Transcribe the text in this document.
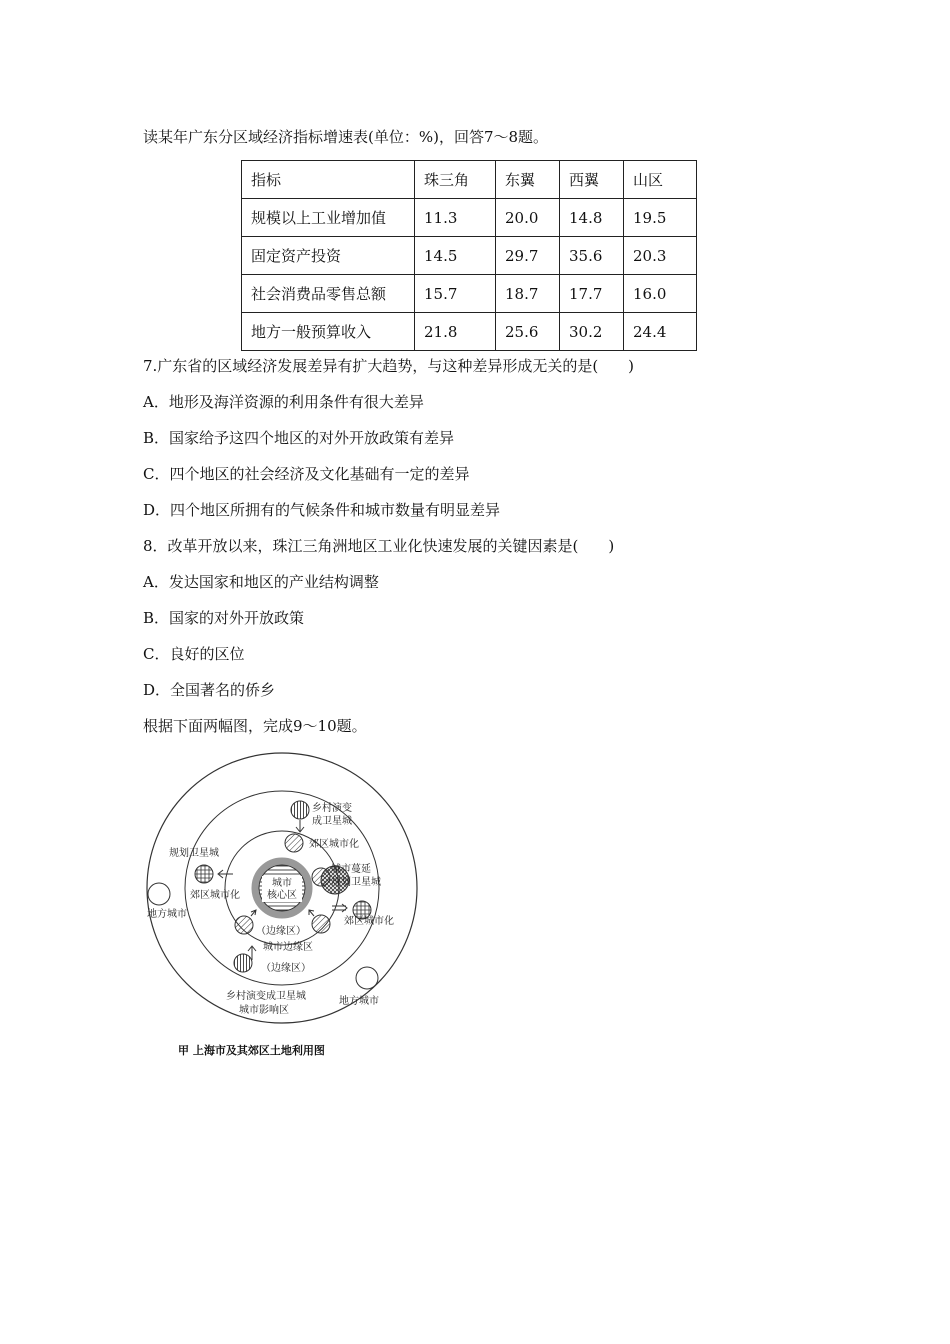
读某年广东分区域经济指标增速表(单位：%)，回答7～8题。
指标	珠三角	东翼	西翼	山区
规模以上工业增加值	11.3	20.0	14.8	19.5
固定资产投资	14.5	29.7	35.6	20.3
社会消费品零售总额	15.7	18.7	17.7	16.0
地方一般预算收入	21.8	25.6	30.2	24.4
7.广东省的区域经济发展差异有扩大趋势，与这种差异形成无关的是(　　)
A．地形及海洋资源的利用条件有很大差异
B．国家给予这四个地区的对外开放政策有差异
C．四个地区的社会经济及文化基础有一定的差异
D．四个地区所拥有的气候条件和城市数量有明显差异
8．改革开放以来，珠江三角洲地区工业化快速发展的关键因素是(　　)
A．发达国家和地区的产业结构调整
B．国家的对外开放政策
C．良好的区位
D．全国著名的侨乡
根据下面两幅图，完成9～10题。
城市
核心区
乡村演变
成卫星城
郊区城市化
城市蔓延
规划卫星城
规划卫星城
郊区城市化
郊区城市化
地方城市
地方城市
（边缘区）
城市边缘区
（边缘区）
乡村演变成卫星城
城市影响区
甲 上海市及其郊区土地利用图
